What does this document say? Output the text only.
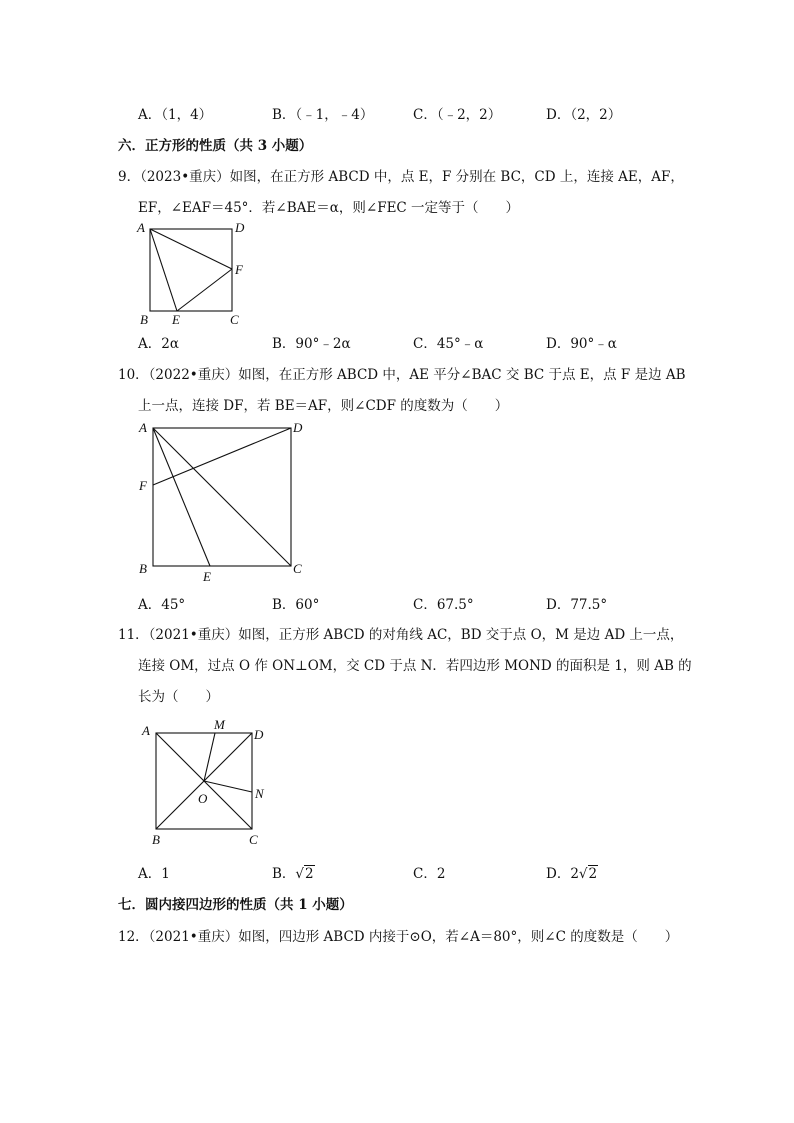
A．（1，4）	B．（﹣1，﹣4）	C．（﹣2，2）	D．（2，2）
六．正方形的性质（共 3 小题）
9．（2023•重庆）如图，在正方形 ABCD 中，点 E，F 分别在 BC，CD 上，连接 AE，AF，
EF，∠EAF＝45°．若∠BAE＝α，则∠FEC 一定等于（　　）
A	D
F
B E	C
A．2α	B．90°﹣2α	C．45°﹣α	D．90°﹣α
10．（2022•重庆）如图，在正方形 ABCD 中，AE 平分∠BAC 交 BC 于点 E，点 F 是边 AB
上一点，连接 DF，若 BE＝AF，则∠CDF 的度数为（　　）
A	D
F
B
E
C
A．45°	B．60°	C．67.5°	D．77.5°
11．（2021•重庆）如图，正方形 ABCD 的对角线 AC，BD 交于点 O，M 是边 AD 上一点，
连接 OM，过点 O 作 ON⊥OM，交 CD 于点 N．若四边形 MOND 的面积是 1，则 AB 的
长为（　　）
A	M
D
N
O
B	C
A．1	B．√2	C．2	D．2√2
七．圆内接四边形的性质（共 1 小题）
12．（2021•重庆）如图，四边形 ABCD 内接于⊙O，若∠A＝80°，则∠C 的度数是（　　）
